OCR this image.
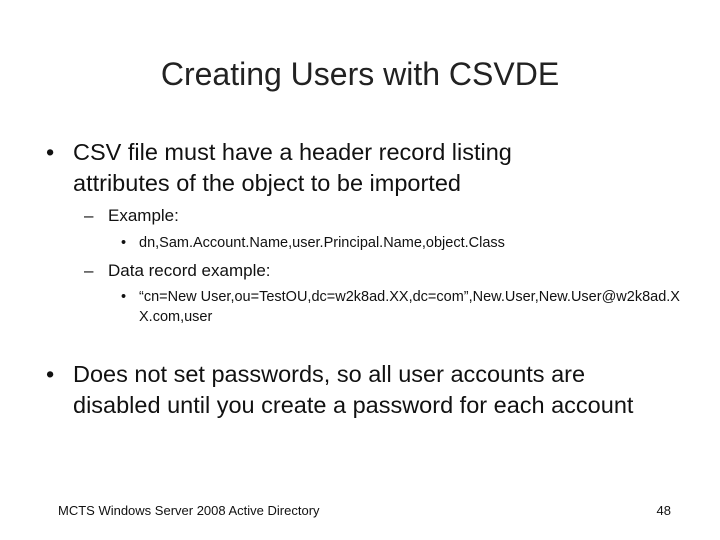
Creating Users with CSVDE
• CSV file must have a header record listing attributes of the object to be imported
– Example:
• dn,Sam.Account.Name,user.Principal.Name,object.Class
– Data record example:
• “cn=New User,ou=TestOU,dc=w2k8ad.XX,dc=com”,New.User,New.User@w2k8ad.XX.com,user
• Does not set passwords, so all user accounts are disabled until you create a password for each account
MCTS Windows Server 2008 Active Directory	48
